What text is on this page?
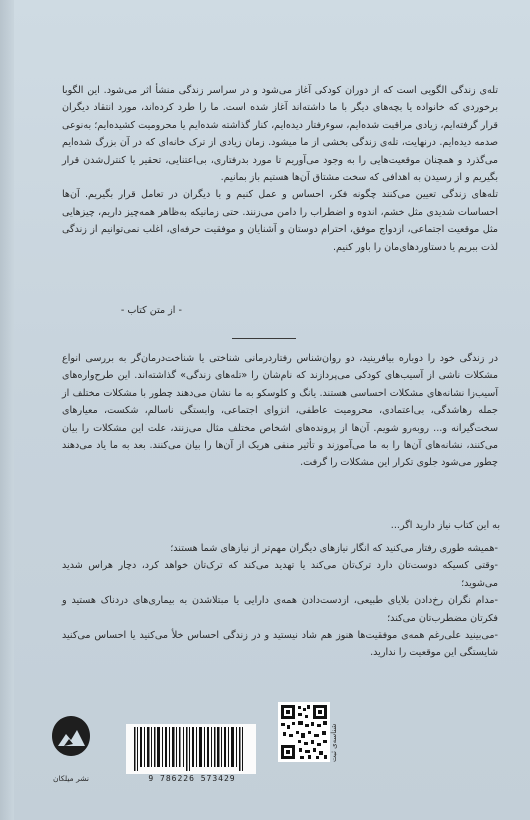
تله‌ی زندگی الگویی است که از دوران کودکی آغاز می‌شود و در سراسر زندگی منشأ اثر می‌شود. این الگوبا برخوردی که خانواده یا بچه‌های دیگر با ما داشته‌اند آغاز شده است. ما را طرد کرده‌اند، مورد انتقاد دیگران قرار گرفته‌ایم، زیادی مراقبت شده‌ایم، سوءرفتار دیده‌ایم، کنار گذاشته شده‌ایم یا محرومیت کشیده‌ایم؛ به‌نوعی صدمه دیده‌ایم. درنهایت، تله‌ی زندگی بخشی از ما میشود. زمان زیادی از ترک خانه‌ای که در آن بزرگ شده‌ایم می‌گذرد و همچنان موقعیت‌هایی را به وجود می‌آوریم تا مورد بدرفتاری، بی‌اعتنایی، تحقیر یا کنترل‌شدن قرار بگیریم و از رسیدن به اهدافی که سخت مشتاق آن‌ها هستیم باز بمانیم.

تله‌های زندگی تعیین می‌کنند چگونه فکر، احساس و عمل کنیم و با دیگران در تعامل قرار بگیریم. آن‌ها احساسات شدیدی مثل خشم، اندوه و اضطراب را دامن می‌زنند. حتی زمانیکه به‌ظاهر همه‌چیز داریم، چیزهایی مثل موقعیت اجتماعی، ازدواج موفق، احترام دوستان و آشنایان و موفقیت حرفه‌ای، اغلب نمی‌توانیم از زندگی لذت ببریم یا دستاوردهای‌مان را باور کنیم.

- از متن کتاب -

در زندگی خود را دوباره بیافرینید، دو روان‌شناس رفتاردرمانی شناختی یا شناخت‌درمان‌گر به بررسی انواع مشکلات ناشی از آسیب‌های کودکی می‌پردازند که نام‌شان را «تله‌های زندگی» گذاشته‌اند. این طرح‌واره‌های آسیب‌زا نشانه‌های مشکلات احساسی هستند. یانگ و کلوسکو به ما نشان می‌دهند چطور با مشکلات مختلف از جمله رهاشدگی، بی‌اعتمادی، محرومیت عاطفی، انزوای اجتماعی، وابستگی ناسالم، شکست، معیارهای سخت‌گیرانه و... روبه‌رو شویم. آن‌ها از پرونده‌های اشخاص مختلف مثال می‌زنند، علت این مشکلات را بیان می‌کنند، نشانه‌های آن‌ها را به ما می‌آموزند و تأثیر منفی هریک از آن‌ها را بیان می‌کنند. بعد به ما یاد می‌دهند چطور می‌شود جلوی تکرار این مشکلات را گرفت.

به این کتاب نیاز دارید اگر...

-همیشه طوری رفتار می‌کنید که انگار نیازهای دیگران مهم‌تر از نیازهای شما هستند؛

-وقتی کسیکه دوست‌تان دارد ترک‌تان می‌کند یا تهدید می‌کند که ترک‌تان خواهد کرد، دچار هراس شدید می‌شوید؛

-مدام نگران رخ‌دادن بلایای طبیعی، ازدست‌دادن همه‌ی دارایی یا مبتلاشدن به بیماری‌های دردناک هستید و فکرتان مضطرب‌تان می‌کند؛

-می‌بینید علی‌رغم همه‌ی موفقیت‌ها هنوز هم شاد نیستید و در زندگی احساس خلأ می‌کنید یا احساس می‌کنید شایستگی این موقعیت را ندارید.

نشر میلکان	9 786226 573429
شناسه‌ی ثبت
